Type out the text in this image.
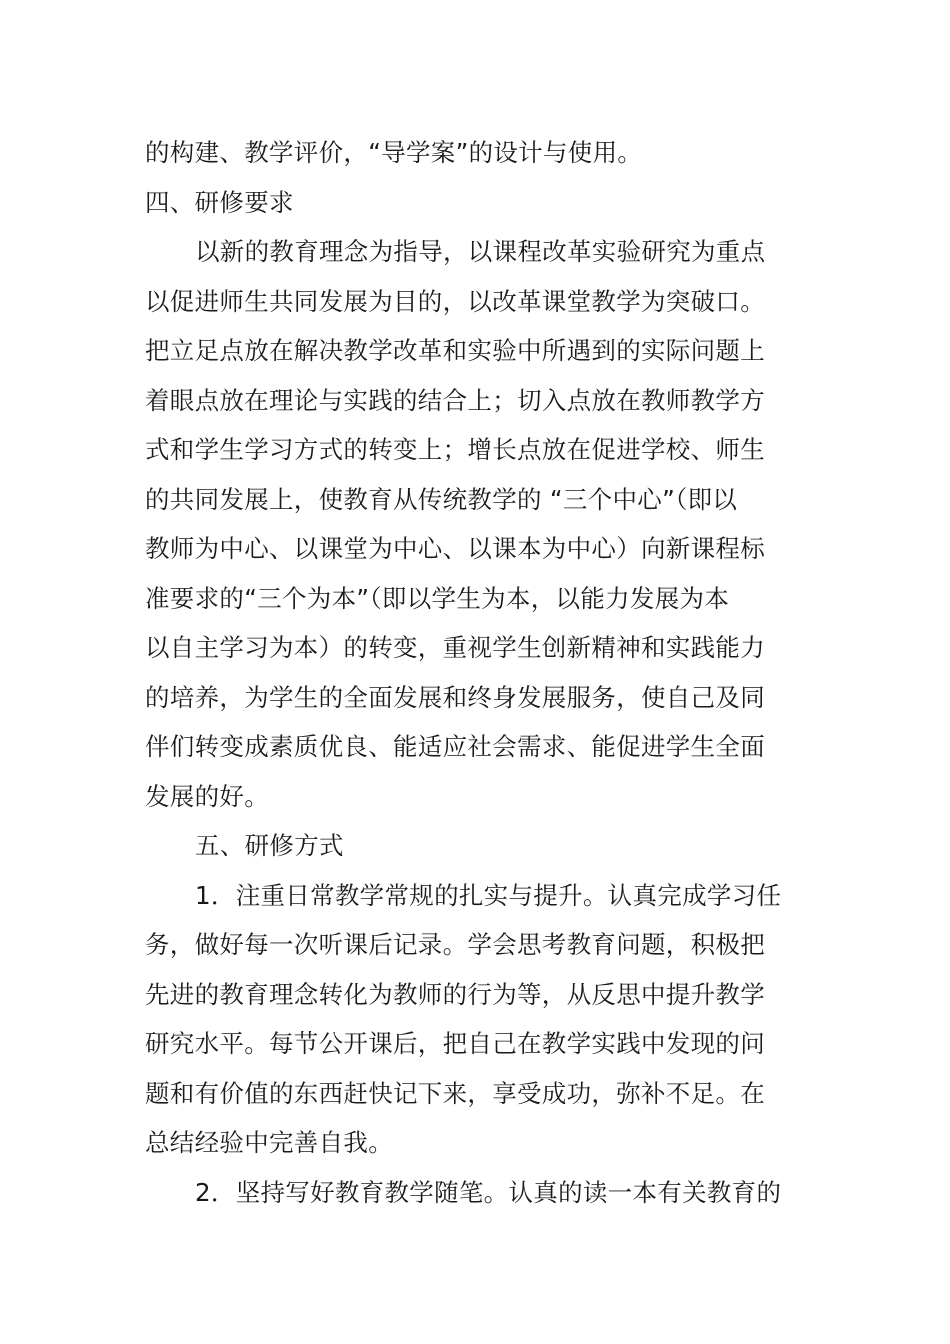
的构建、教学评价，“导学案”的设计与使用。
四、研修要求
以新的教育理念为指导，以课程改革实验研究为重点
以促进师生共同发展为目的，以改革课堂教学为突破口。
把立足点放在解决教学改革和实验中所遇到的实际问题上
着眼点放在理论与实践的结合上；切入点放在教师教学方
式和学生学习方式的转变上；增长点放在促进学校、师生
的共同发展上，使教育从传统教学的 “三个中心”（即以
教师为中心、以课堂为中心、以课本为中心）向新课程标
准要求的“三个为本”（即以学生为本，以能力发展为本
以自主学习为本）的转变，重视学生创新精神和实践能力
的培养，为学生的全面发展和终身发展服务，使自己及同
伴们转变成素质优良、能适应社会需求、能促进学生全面
发展的好。
五、研修方式
1．注重日常教学常规的扎实与提升。认真完成学习任
务，做好每一次听课后记录。学会思考教育问题，积极把
先进的教育理念转化为教师的行为等，从反思中提升教学
研究水平。每节公开课后，把自己在教学实践中发现的问
题和有价值的东西赶快记下来，享受成功，弥补不足。在
总结经验中完善自我。
2．坚持写好教育教学随笔。认真的读一本有关教育的
